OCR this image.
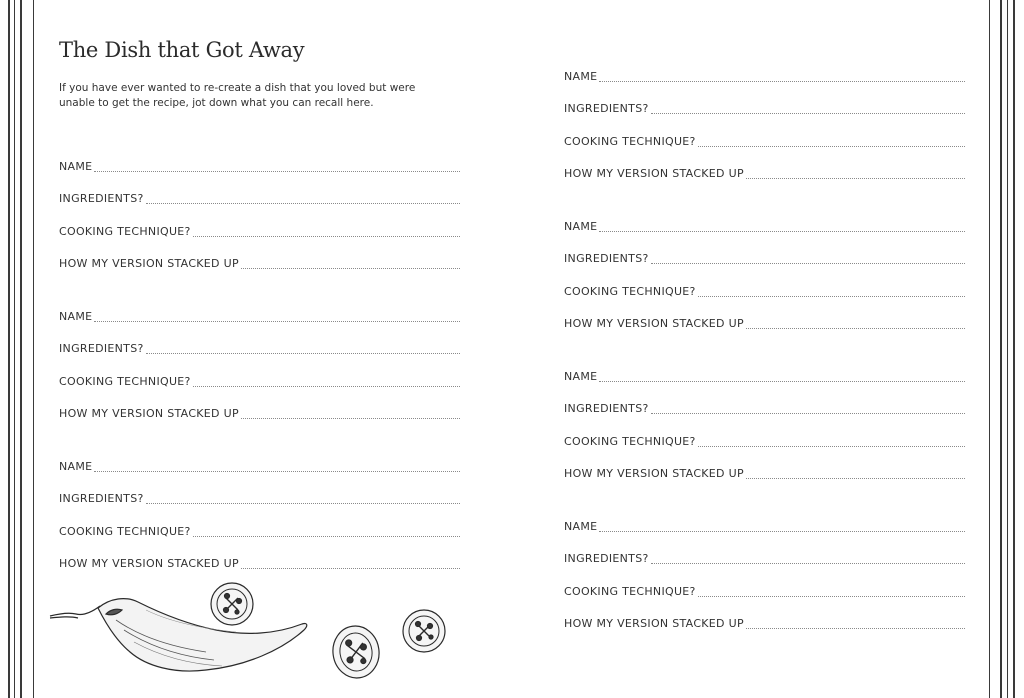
The Dish that Got Away

If you have ever wanted to re-create a dish that you loved but were unable to get the recipe, jot down what you can recall here.

NAME
INGREDIENTS?
COOKING TECHNIQUE?
HOW MY VERSION STACKED UP
NAME
INGREDIENTS?
COOKING TECHNIQUE?
HOW MY VERSION STACKED UP
NAME
INGREDIENTS?
COOKING TECHNIQUE?
HOW MY VERSION STACKED UP
NAME
INGREDIENTS?
COOKING TECHNIQUE?
HOW MY VERSION STACKED UP
NAME
INGREDIENTS?
COOKING TECHNIQUE?
HOW MY VERSION STACKED UP
NAME
INGREDIENTS?
COOKING TECHNIQUE?
HOW MY VERSION STACKED UP
NAME
INGREDIENTS?
COOKING TECHNIQUE?
HOW MY VERSION STACKED UP
